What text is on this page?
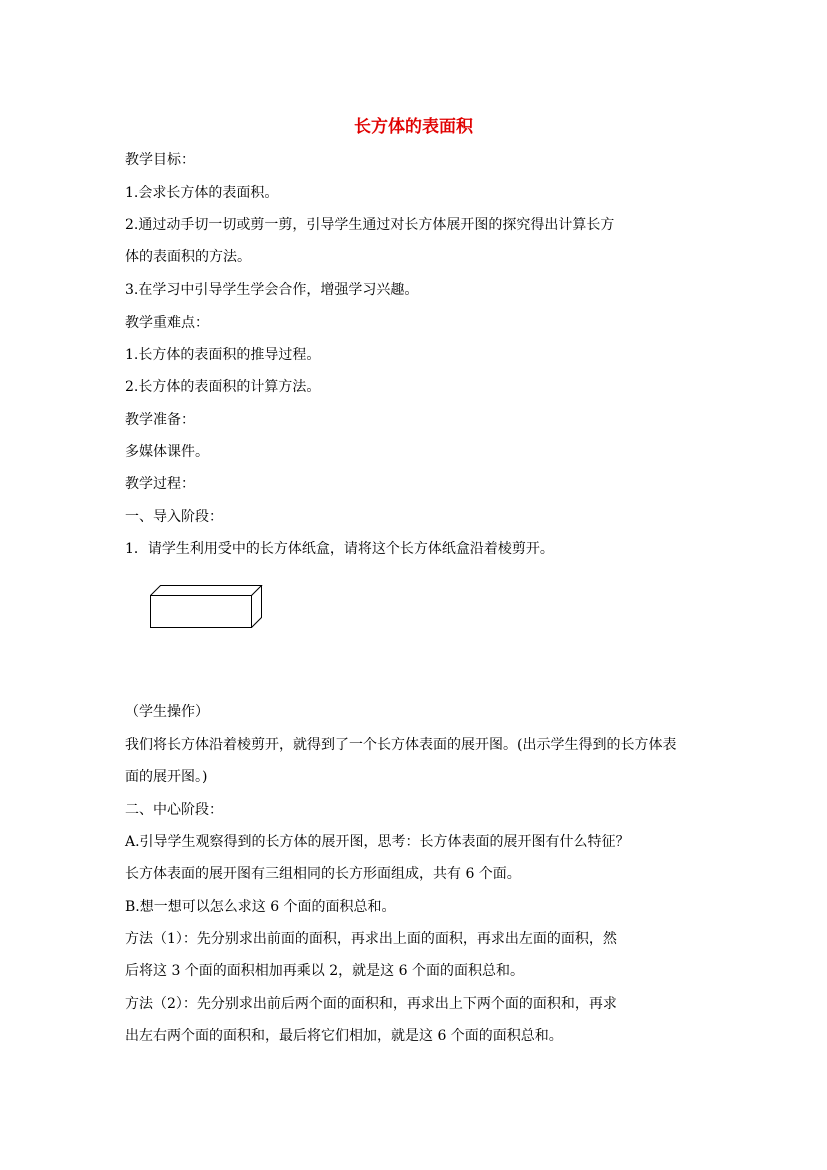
长方体的表面积
教学目标：
1.会求长方体的表面积。
2.通过动手切一切或剪一剪，引导学生通过对长方体展开图的探究得出计算长方
体的表面积的方法。
3.在学习中引导学生学会合作，增强学习兴趣。
教学重难点：
1.长方体的表面积的推导过程。
2.长方体的表面积的计算方法。
教学准备：
多媒体课件。
教学过程：
一、导入阶段：
1．请学生利用受中的长方体纸盒，请将这个长方体纸盒沿着棱剪开。
（学生操作）
我们将长方体沿着棱剪开，就得到了一个长方体表面的展开图。(出示学生得到的长方体表
面的展开图。)
二、中心阶段：
A.引导学生观察得到的长方体的展开图，思考：长方体表面的展开图有什么特征？
长方体表面的展开图有三组相同的长方形面组成，共有 6 个面。
B.想一想可以怎么求这 6 个面的面积总和。
方法（1）：先分别求出前面的面积，再求出上面的面积，再求出左面的面积，然
后将这 3 个面的面积相加再乘以 2，就是这 6 个面的面积总和。
方法（2）：先分别求出前后两个面的面积和，再求出上下两个面的面积和，再求
出左右两个面的面积和，最后将它们相加，就是这 6 个面的面积总和。
